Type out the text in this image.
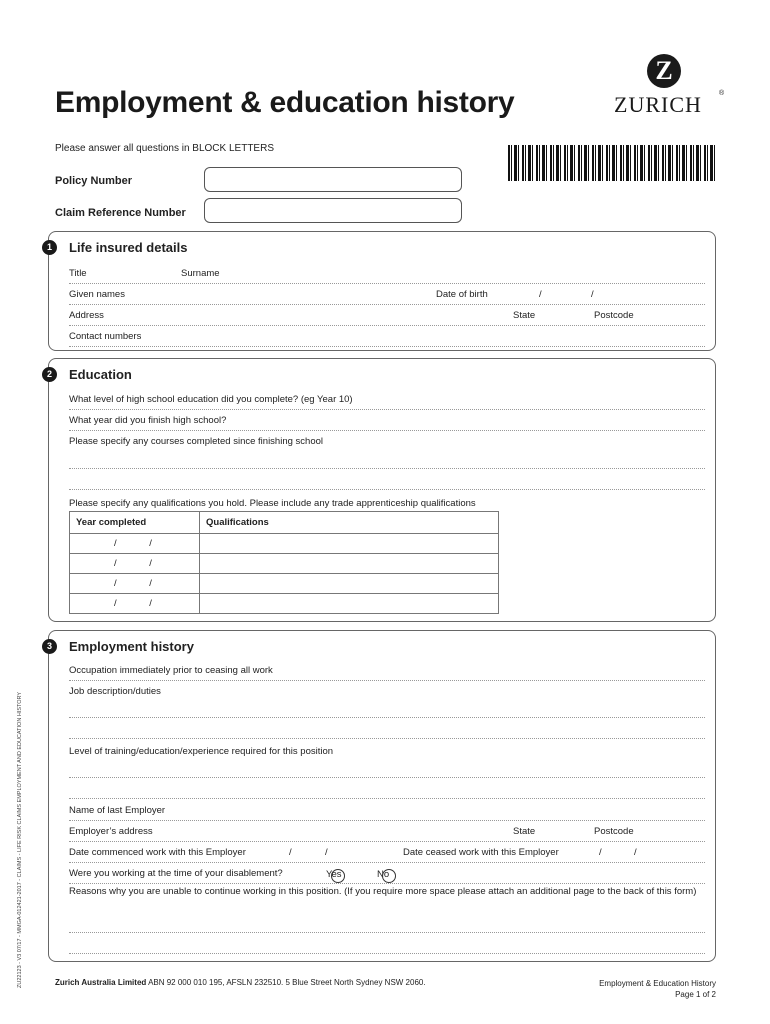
Employment & education history
Z
ZURICH ®
Please answer all questions in BLOCK LETTERS
Policy Number
Claim Reference Number
1	Life insured details
Title	Surname
Given names	Date of birth	/	/
Address	State	Postcode
Contact numbers
2	Education
What level of high school education did you complete? (eg Year 10)
What year did you finish high school?
Please specify any courses completed since finishing school
Please specify any qualifications you hold. Please include any trade apprenticeship qualifications
Year completed	Qualifications
/ /	
/ /	
/ /	
/ /	
3	Employment history
Occupation immediately prior to ceasing all work
Job description/duties
Level of training/education/experience required for this position
Name of last Employer
Employer’s address	State	Postcode
Date commenced work with this Employer	/	/	Date ceased work with this Employer	/	/
Were you working at the time of your disablement?	Yes	No
Reasons why you are unable to continue working in this position. (If you require more space please attach an additional page to the back of this form)
ZU22123 - V3 07/17 - MMGA-012421-2017 - CLAIMS - LIFE RISK CLAIMS EMPLOYMENT AND EDUCATION HISTORY	Zurich Australia Limited ABN 92 000 010 195, AFSLN 232510. 5 Blue Street North Sydney NSW 2060.	Employment & Education History
Page 1 of 2
